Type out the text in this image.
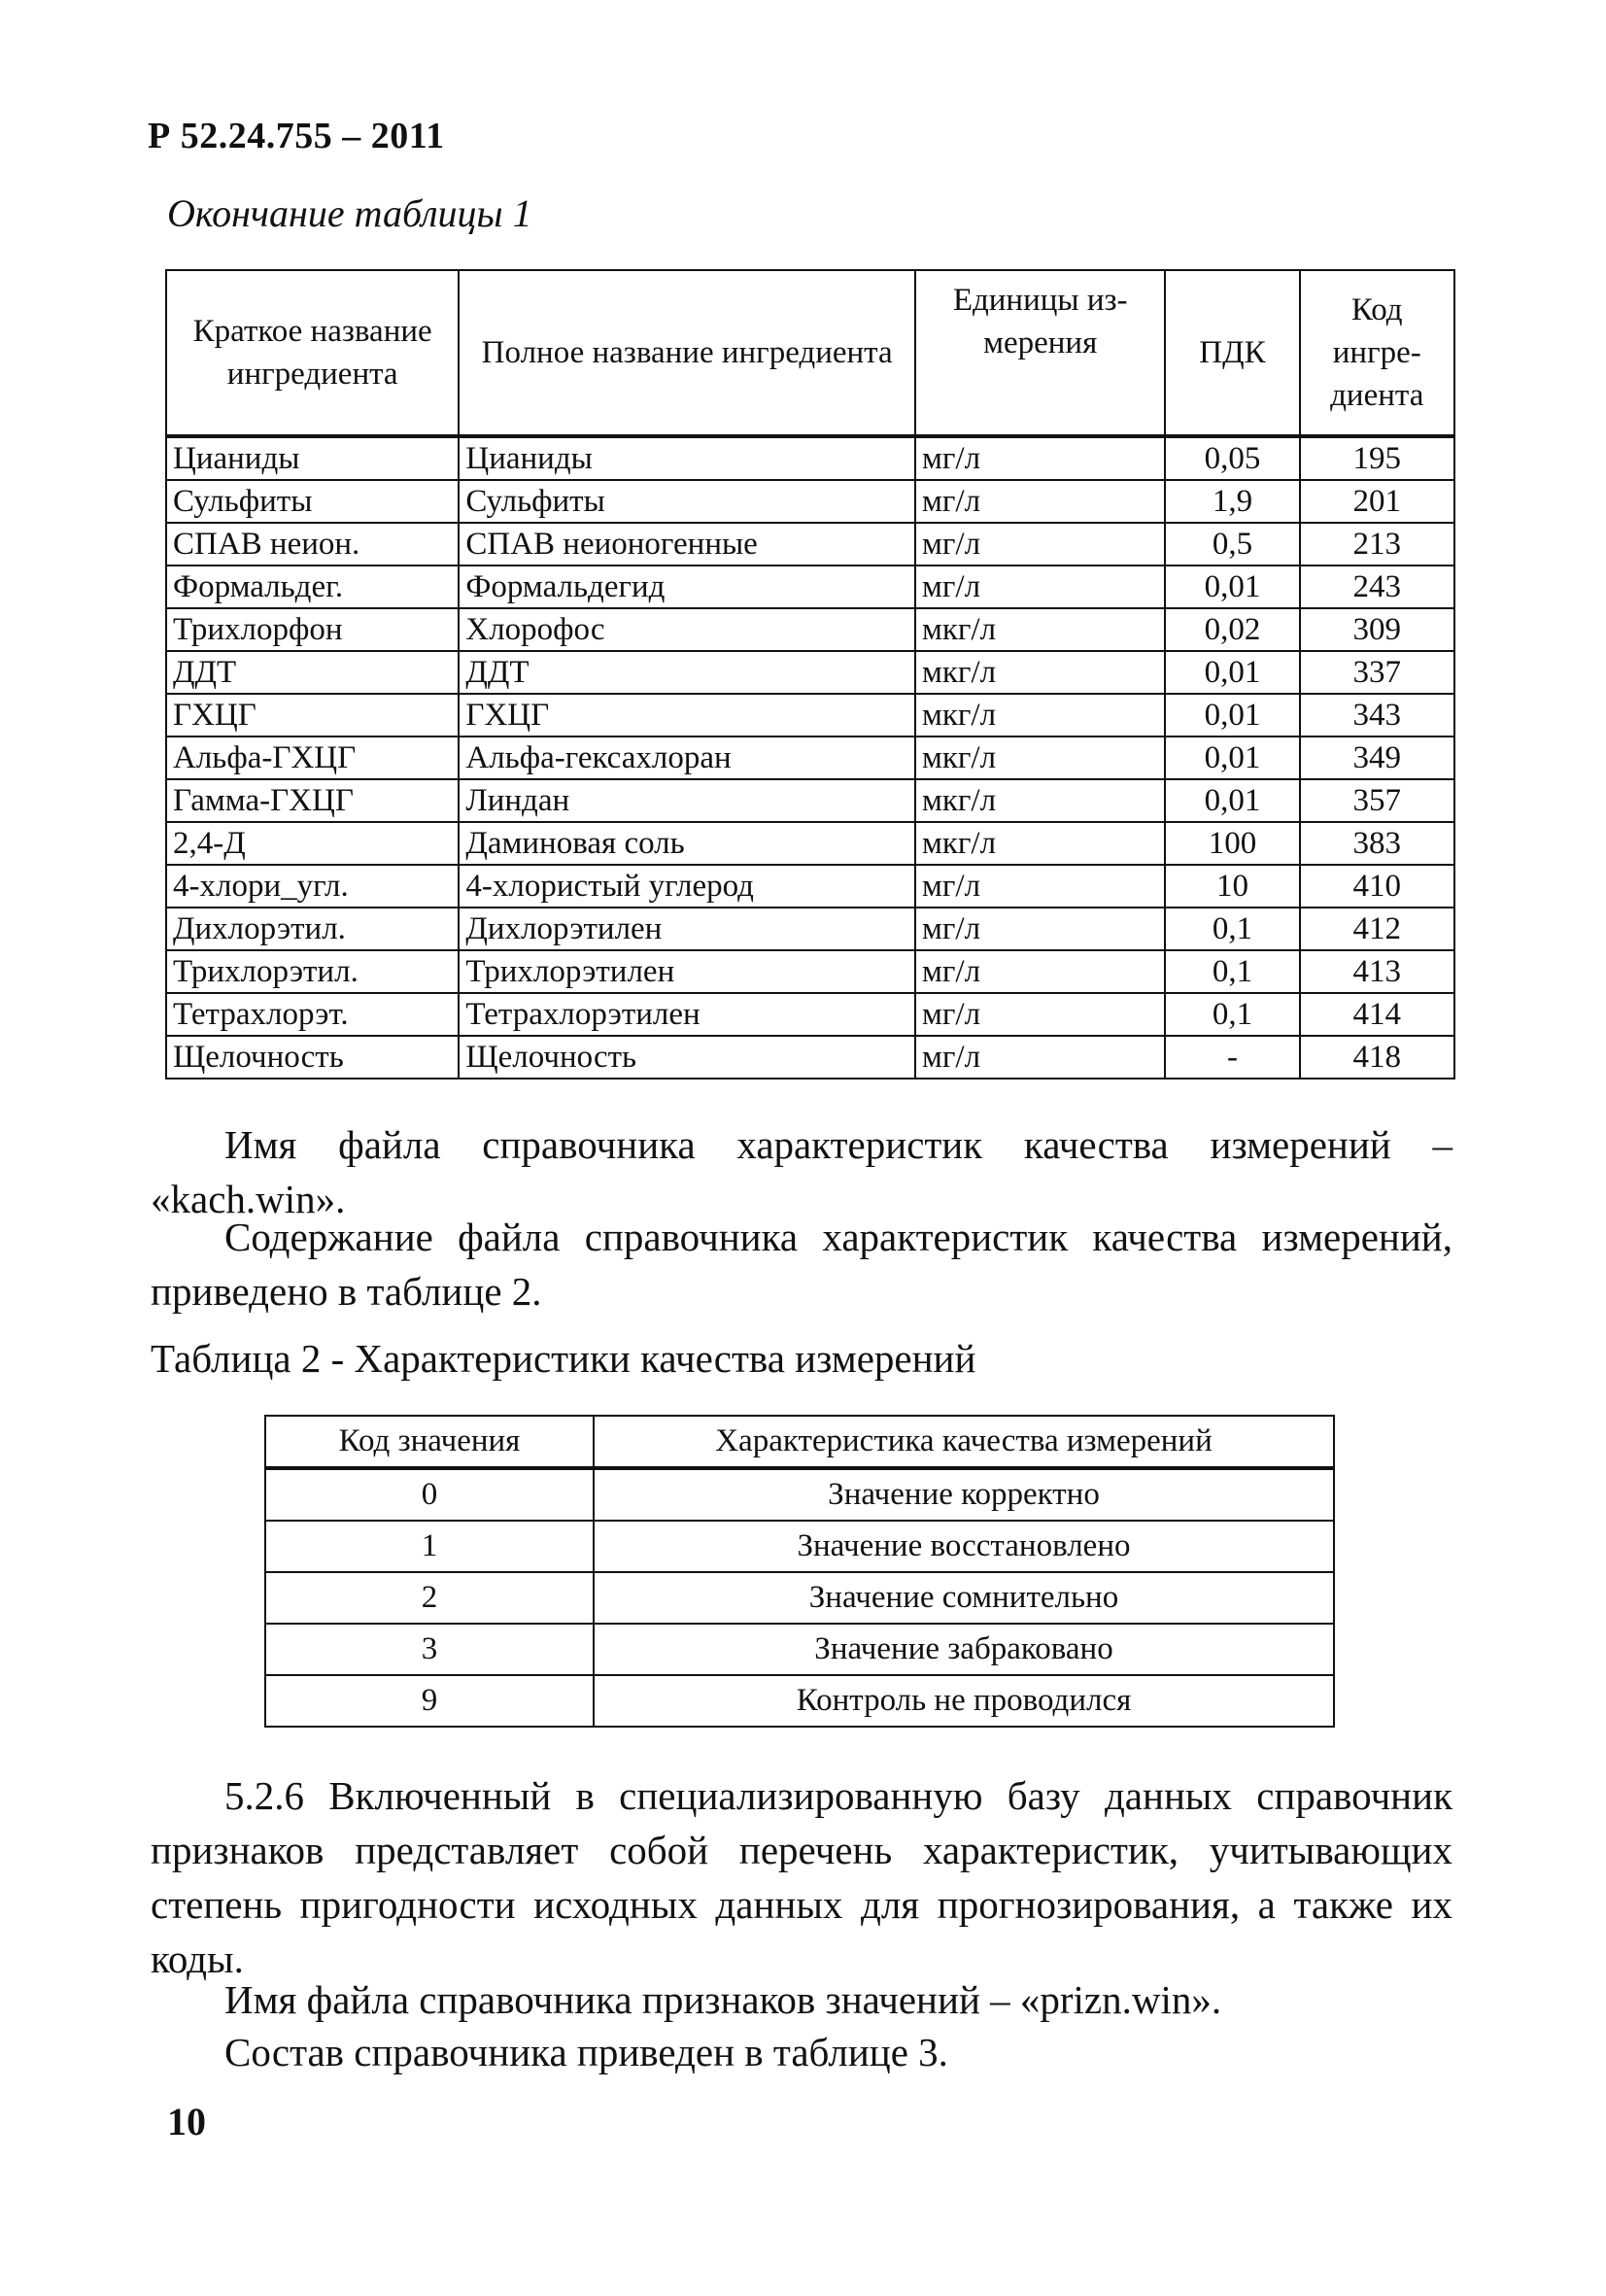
Р 52.24.755 – 2011
Окончание таблицы 1
Краткое название ингредиента	Полное название ингредиента	Единицы из-мерения	ПДК	Код ингре-диента
Цианиды	Цианиды	мг/л	0,05	195
Сульфиты	Сульфиты	мг/л	1,9	201
СПАВ неион.	СПАВ неионогенные	мг/л	0,5	213
Формальдег.	Формальдегид	мг/л	0,01	243
Трихлорфон	Хлорофос	мкг/л	0,02	309
ДДТ	ДДТ	мкг/л	0,01	337
ГХЦГ	ГХЦГ	мкг/л	0,01	343
Альфа-ГХЦГ	Альфа-гексахлоран	мкг/л	0,01	349
Гамма-ГХЦГ	Линдан	мкг/л	0,01	357
2,4-Д	Даминовая соль	мкг/л	100	383
4-хлори_угл.	4-хлористый углерод	мг/л	10	410
Дихлорэтил.	Дихлорэтилен	мг/л	0,1	412
Трихлорэтил.	Трихлорэтилен	мг/л	0,1	413
Тетрахлорэт.	Тетрахлорэтилен	мг/л	0,1	414
Щелочность	Щелочность	мг/л	-	418
Имя файла справочника характеристик качества измерений – «kach.win».
Содержание файла справочника характеристик качества измерений, приведено в таблице 2.
Таблица 2 - Характеристики качества измерений
Код значения	Характеристика качества измерений
0	Значение корректно
1	Значение восстановлено
2	Значение сомнительно
3	Значение забраковано
9	Контроль не проводился
5.2.6 Включенный в специализированную базу данных справочник признаков представляет собой перечень характеристик, учитывающих степень пригодности исходных данных для прогнозирования, а также их коды.
Имя файла справочника признаков значений – «prizn.win».
Состав справочника приведен в таблице 3.
10
